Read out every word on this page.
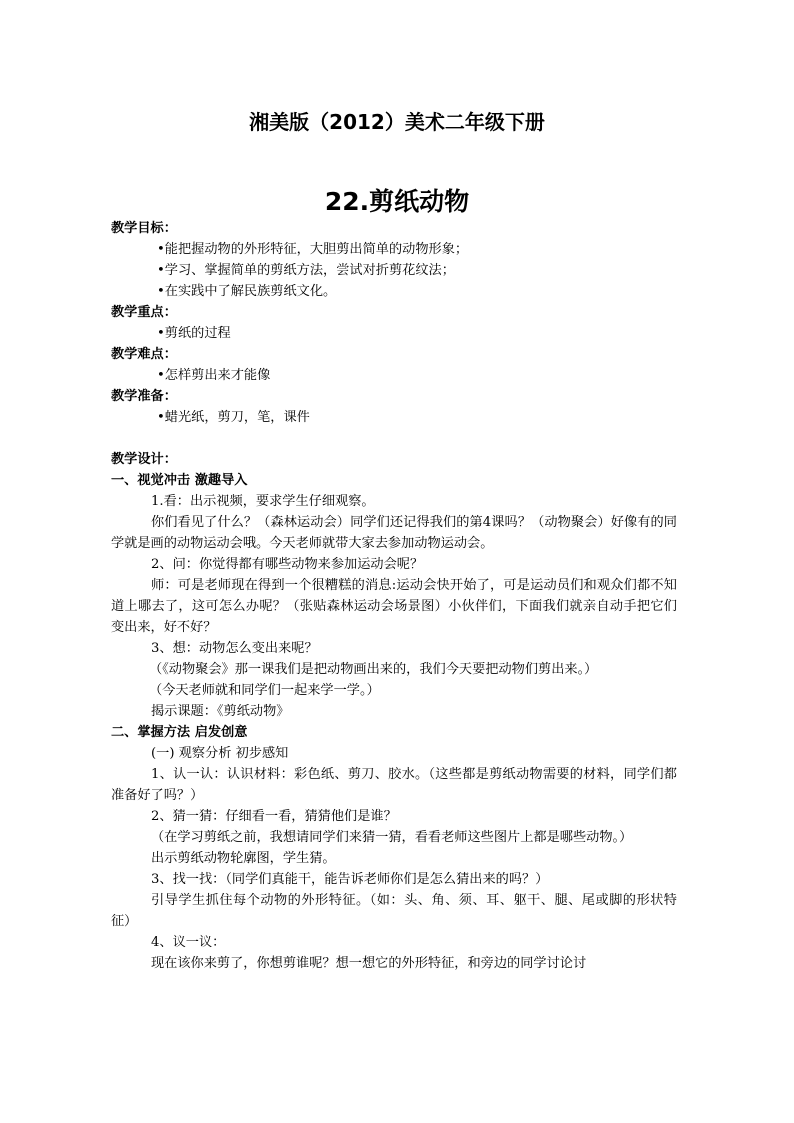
湘美版（2012）美术二年级下册
22.剪纸动物
教学目标：
•能把握动物的外形特征，大胆剪出简单的动物形象；
•学习、掌握简单的剪纸方法，尝试对折剪花纹法；
•在实践中了解民族剪纸文化。
教学重点：
•剪纸的过程
教学难点：
•怎样剪出来才能像
教学准备：
•蜡光纸，剪刀，笔，课件
教学设计：
一、视觉冲击 激趣导入
1.看：出示视频，要求学生仔细观察。
你们看见了什么？（森林运动会）同学们还记得我们的第4课吗？（动物聚会）好像有的同学就是画的动物运动会哦。今天老师就带大家去参加动物运动会。
2、问：你觉得都有哪些动物来参加运动会呢？
师：可是老师现在得到一个很糟糕的消息:运动会快开始了，可是运动员们和观众们都不知道上哪去了，这可怎么办呢？（张贴森林运动会场景图）小伙伴们，下面我们就亲自动手把它们变出来，好不好？
3、想：动物怎么变出来呢？
（《动物聚会》那一课我们是把动物画出来的，我们今天要把动物们剪出来。）
（今天老师就和同学们一起来学一学。）
揭示课题：《剪纸动物》
二、掌握方法 启发创意
(一) 观察分析 初步感知
1、认一认：认识材料：彩色纸、剪刀、胶水。（这些都是剪纸动物需要的材料，同学们都准备好了吗？）
2、猜一猜：仔细看一看，猜猜他们是谁？
（在学习剪纸之前，我想请同学们来猜一猜，看看老师这些图片上都是哪些动物。）
出示剪纸动物轮廓图，学生猜。
3、找一找：（同学们真能干，能告诉老师你们是怎么猜出来的吗？）
引导学生抓住每个动物的外形特征。（如：头、角、须、耳、躯干、腿、尾或脚的形状特征）
4、议一议：
现在该你来剪了，你想剪谁呢？想一想它的外形特征，和旁边的同学讨论讨
